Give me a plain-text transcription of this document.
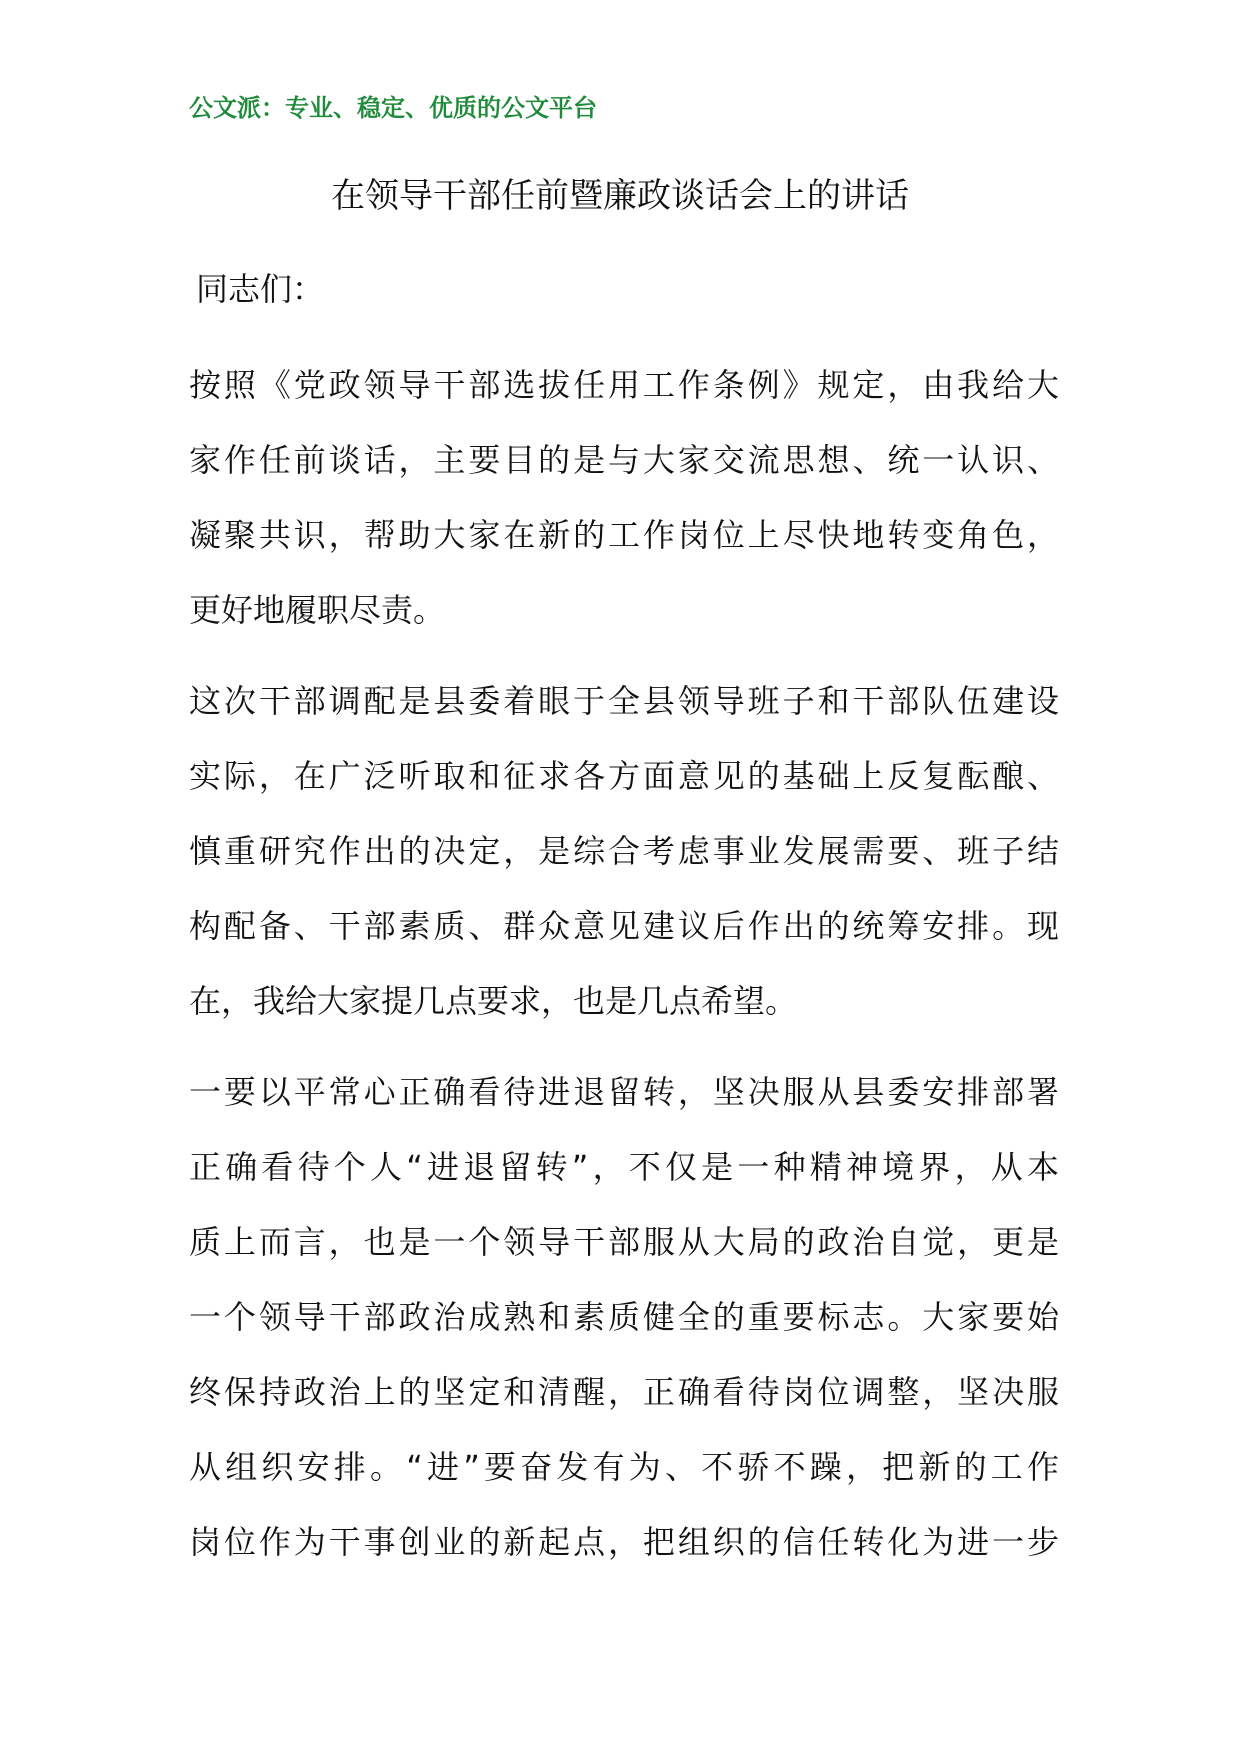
公文派：专业、稳定、优质的公文平台
在领导干部任前暨廉政谈话会上的讲话
同志们：
按照《党政领导干部选拔任用工作条例》规定，由我给大
家作任前谈话，主要目的是与大家交流思想、统一认识、
凝聚共识，帮助大家在新的工作岗位上尽快地转变角色，
更好地履职尽责。
这次干部调配是县委着眼于全县领导班子和干部队伍建设
实际，在广泛听取和征求各方面意见的基础上反复酝酿、
慎重研究作出的决定，是综合考虑事业发展需要、班子结
构配备、干部素质、群众意见建议后作出的统筹安排。现
在，我给大家提几点要求，也是几点希望。
一要以平常心正确看待进退留转，坚决服从县委安排部署
正确看待个人“进退留转”，不仅是一种精神境界，从本
质上而言，也是一个领导干部服从大局的政治自觉，更是
一个领导干部政治成熟和素质健全的重要标志。大家要始
终保持政治上的坚定和清醒，正确看待岗位调整，坚决服
从组织安排。“进”要奋发有为、不骄不躁，把新的工作
岗位作为干事创业的新起点，把组织的信任转化为进一步
